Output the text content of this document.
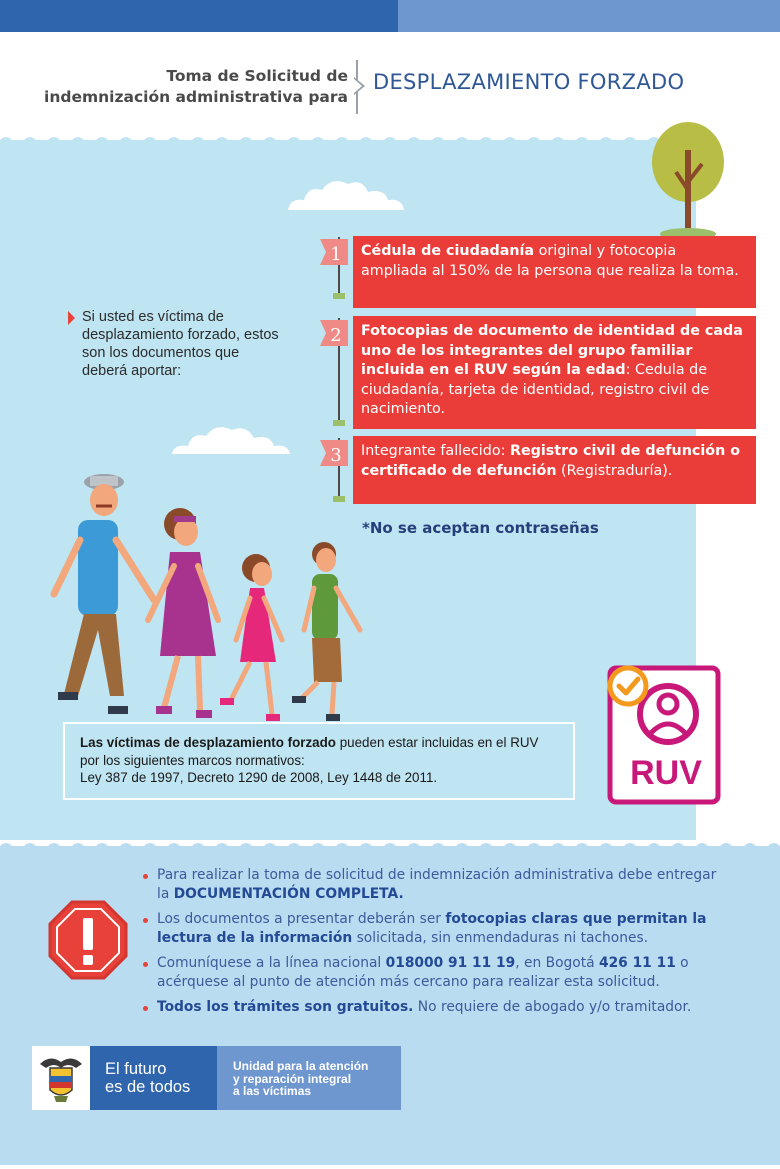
Toma de Solicitud de
indemnización administrativa para
DESPLAZAMIENTO FORZADO
Si usted es víctima de desplazamiento forzado, estos son los documentos que deberá aportar:
1	Cédula de ciudadanía original y fotocopia ampliada al 150% de la persona que realiza la toma.
2	Fotocopias de documento de identidad de cada uno de los integrantes del grupo familiar incluida en el RUV según la edad: Cedula de ciudadanía, tarjeta de identidad, registro civil de nacimiento.
3	Integrante fallecido: Registro civil de defunción o certificado de defunción (Registraduría).
*No se aceptan contraseñas
Las víctimas de desplazamiento forzado pueden estar incluidas en el RUV por los siguientes marcos normativos:
Ley 387 de 1997, Decreto 1290 de 2008, Ley 1448 de 2011.	RUV
Para realizar la toma de solicitud de indemnización administrativa debe entregar la DOCUMENTACIÓN COMPLETA.
Los documentos a presentar deberán ser fotocopias claras que permitan la lectura de la información solicitada, sin enmendaduras ni tachones.
Comuníquese a la línea nacional 018000 91 11 19, en Bogotá 426 11 11 o acérquese al punto de atención más cercano para realizar esta solicitud.
Todos los trámites son gratuitos. No requiere de abogado y/o tramitador.
El futuro
es de todos
Unidad para la atención
y reparación integral
a las víctimas
